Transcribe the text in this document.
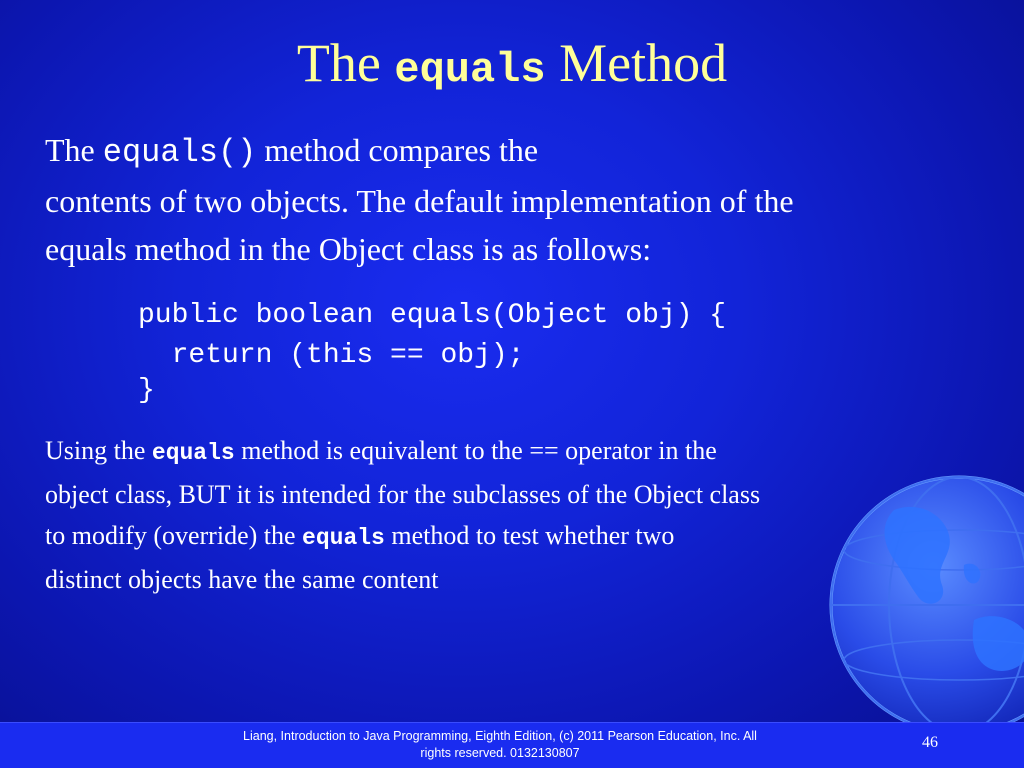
The equals Method
The equals() method compares the
contents of two objects. The default implementation of the
equals method in the Object class is as follows:
public boolean equals(Object obj) {
return (this == obj);
}
Using the equals method is equivalent to the == operator in the
object class, BUT it is intended for the subclasses of the Object class
to modify (override) the equals method to test whether two
distinct objects have the same content
Liang, Introduction to Java Programming, Eighth Edition, (c) 2011 Pearson Education, Inc. All
rights reserved. 0132130807
46
